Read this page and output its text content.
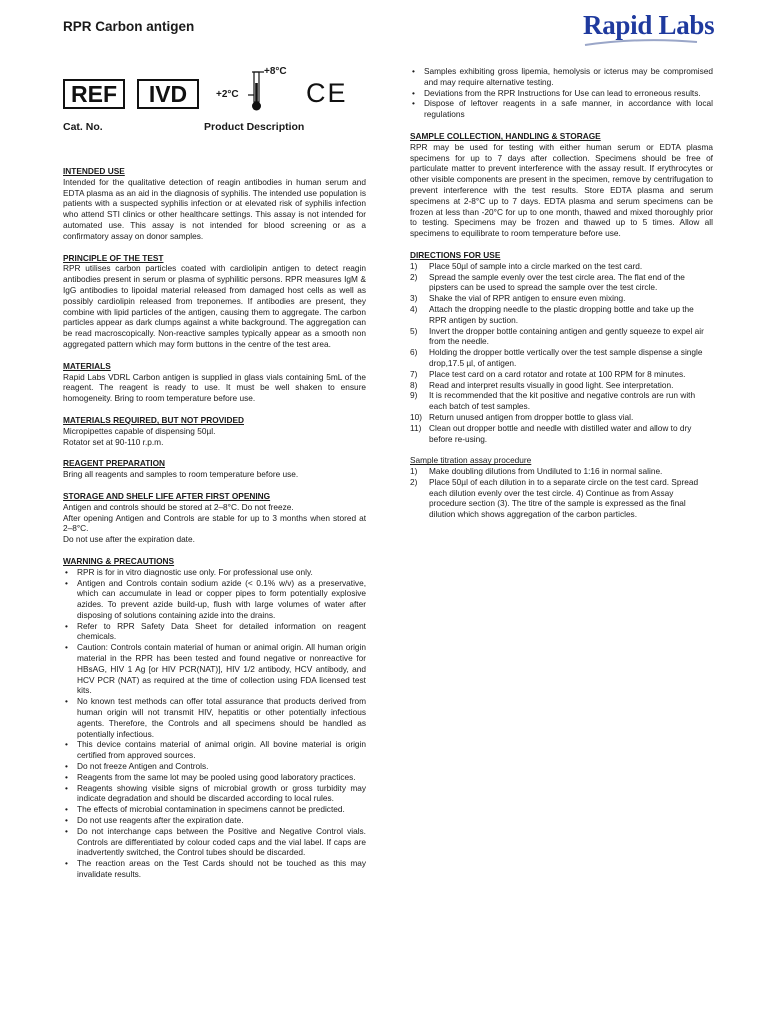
RPR Carbon antigen	Rapid Labs
REF	IVD
+8°C
+2°C CE
Cat. No.	Product Description

INTENDED USE

Intended for the qualitative detection of reagin antibodies in human serum and EDTA plasma as an aid in the diagnosis of syphilis. The intended use population is patients with a suspected syphilis infection or at elevated risk of syphilis infection who attend STI clinics or other healthcare settings. This assay is not intended for automated use. This assay is not intended for blood screening or as a confirmatory assay on donor samples.

PRINCIPLE OF THE TEST

RPR utilises carbon particles coated with cardiolipin antigen to detect reagin antibodies present in serum or plasma of syphilitic persons. RPR measures IgM & IgG antibodies to lipoidal material released from damaged host cells as well as possibly cardiolipin released from treponemes. If antibodies are present, they combine with lipid particles of the antigen, causing them to aggregate. The carbon particles appear as dark clumps against a white background. The aggregation can be read macroscopically. Non-reactive samples typically appear as a smooth non aggregated pattern which may form buttons in the centre of the test area.

MATERIALS

Rapid Labs VDRL Carbon antigen is supplied in glass vials containing 5mL of the reagent. The reagent is ready to use. It must be well shaken to ensure homogeneity. Bring to room temperature before use.

MATERIALS REQUIRED, BUT NOT PROVIDED

Micropipettes capable of dispensing 50µl.

Rotator set at 90-110 r.p.m.

REAGENT PREPARATION

Bring all reagents and samples to room temperature before use.

STORAGE AND SHELF LIFE AFTER FIRST OPENING

Antigen and controls should be stored at 2–8°C. Do not freeze.

After opening Antigen and Controls are stable for up to 3 months when stored at 2–8°C.

Do not use after the expiration date.

WARNING & PRECAUTIONS

• RPR is for in vitro diagnostic use only. For professional use only.
• Antigen and Controls contain sodium azide (< 0.1% w/v) as a preservative, which can accumulate in lead or copper pipes to form potentially explosive azides. To prevent azide build-up, flush with large volumes of water after disposing of solutions containing azide into the drains.
• Refer to RPR Safety Data Sheet for detailed information on reagent chemicals.
• Caution: Controls contain material of human or animal origin. All human origin material in the RPR has been tested and found negative or nonreactive for HBsAG, HIV 1 Ag [or HIV PCR(NAT)], HIV 1/2 antibody, HCV antibody, and HCV PCR (NAT) as required at the time of collection using FDA licensed test kits.
• No known test methods can offer total assurance that products derived from human origin will not transmit HIV, hepatitis or other potentially infectious agents. Therefore, the Controls and all specimens should be handled as potentially infectious.
• This device contains material of animal origin. All bovine material is origin certified from approved sources.
• Do not freeze Antigen and Controls.
• Reagents from the same lot may be pooled using good laboratory practices.
• Reagents showing visible signs of microbial growth or gross turbidity may indicate degradation and should be discarded according to local rules.
• The effects of microbial contamination in specimens cannot be predicted.
• Do not use reagents after the expiration date.
• Do not interchange caps between the Positive and Negative Control vials. Controls are differentiated by colour coded caps and the vial label. If caps are inadvertently switched, the Control tubes should be discarded.
• The reaction areas on the Test Cards should not be touched as this may invalidate results.
• Samples exhibiting gross lipemia, hemolysis or icterus may be compromised and may require alternative testing.
• Deviations from the RPR Instructions for Use can lead to erroneous results.
• Dispose of leftover reagents in a safe manner, in accordance with local regulations

SAMPLE COLLECTION, HANDLING & STORAGE

RPR may be used for testing with either human serum or EDTA plasma specimens for up to 7 days after collection. Specimens should be free of particulate matter to prevent interference with the assay result. If erythrocytes or other visible components are present in the specimen, remove by centrifugation to prevent interference with the test results. Store EDTA plasma and serum specimens at 2-8°C up to 7 days. EDTA plasma and serum specimens can be frozen at less than -20°C for up to one month, thawed and mixed thoroughly prior to testing. Specimens may be frozen and thawed up to 5 times. Allow all specimens to equilibrate to room temperature before use.

DIRECTIONS FOR USE

1) Place 50µl of sample into a circle marked on the test card.
2) Spread the sample evenly over the test circle area. The flat end of the pipsters can be used to spread the sample over the test circle.
3) Shake the vial of RPR antigen to ensure even mixing.
4) Attach the dropping needle to the plastic dropping bottle and take up the RPR antigen by suction.
5) Invert the dropper bottle containing antigen and gently squeeze to expel air from the needle.
6) Holding the dropper bottle vertically over the test sample dispense a single drop,17.5 µl, of antigen.
7) Place test card on a card rotator and rotate at 100 RPM for 8 minutes.
8) Read and interpret results visually in good light. See interpretation.
9) It is recommended that the kit positive and negative controls are run with each batch of test samples.
10) Return unused antigen from dropper bottle to glass vial.
11) Clean out dropper bottle and needle with distilled water and allow to dry before re-using.

Sample titration assay procedure

1) Make doubling dilutions from Undiluted to 1:16 in normal saline.
2) Place 50µl of each dilution in to a separate circle on the test card. Spread each dilution evenly over the test circle. 4) Continue as from Assay procedure section (3). The titre of the sample is expressed as the final dilution which shows aggregation of the carbon particles.
